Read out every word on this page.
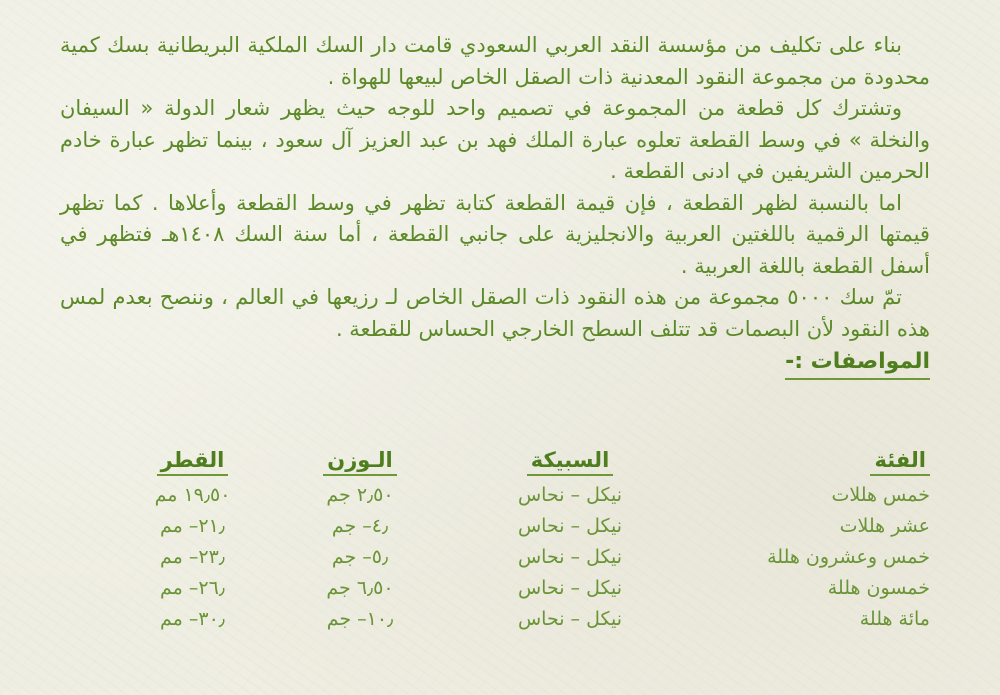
بناء على تكليف من مؤسسة النقد العربي السعودي قامت دار السك الملكية البريطانية بسك كمية محدودة من مجموعة النقود المعدنية ذات الصقل الخاص لبيعها للهواة .

وتشترك كل قطعة من المجموعة في تصميم واحد للوجه حيث يظهر شعار الدولة « السيفان والنخلة » في وسط القطعة تعلوه عبارة الملك فهد بن عبد العزيز آل سعود ، بينما تظهر عبارة خادم الحرمين الشريفين في ادنى القطعة .

اما بالنسبة لظهر القطعة ، فإن قيمة القطعة كتابة تظهر في وسط القطعة وأعلاها . كما تظهر قيمتها الرقمية باللغتين العربية والانجليزية على جانبي القطعة ، أما سنة السك ١٤٠٨هـ فتظهر في أسفل القطعة باللغة العربية .

تمّ سك ٥٠٠٠ مجموعة من هذه النقود ذات الصقل الخاص لـ رزيعها في العالم ، وننصح بعدم لمس هذه النقود لأن البصمات قد تتلف السطح الخارجي الحساس للقطعة .

المواصفات :-
الفئة	السبيكة	الـوزن	القطر
خمس هللات	نيكل – نحاس	٢٫٥٠ جم	١٩٫٥٠ مم
عشر هللات	نيكل – نحاس	٤٫– جم	٢١٫– مم
خمس وعشرون هللة	نيكل – نحاس	٥٫– جم	٢٣٫– مم
خمسون هللة	نيكل – نحاس	٦٫٥٠ جم	٢٦٫– مم
مائة هللة	نيكل – نحاس	١٠٫– جم	٣٠٫– مم
